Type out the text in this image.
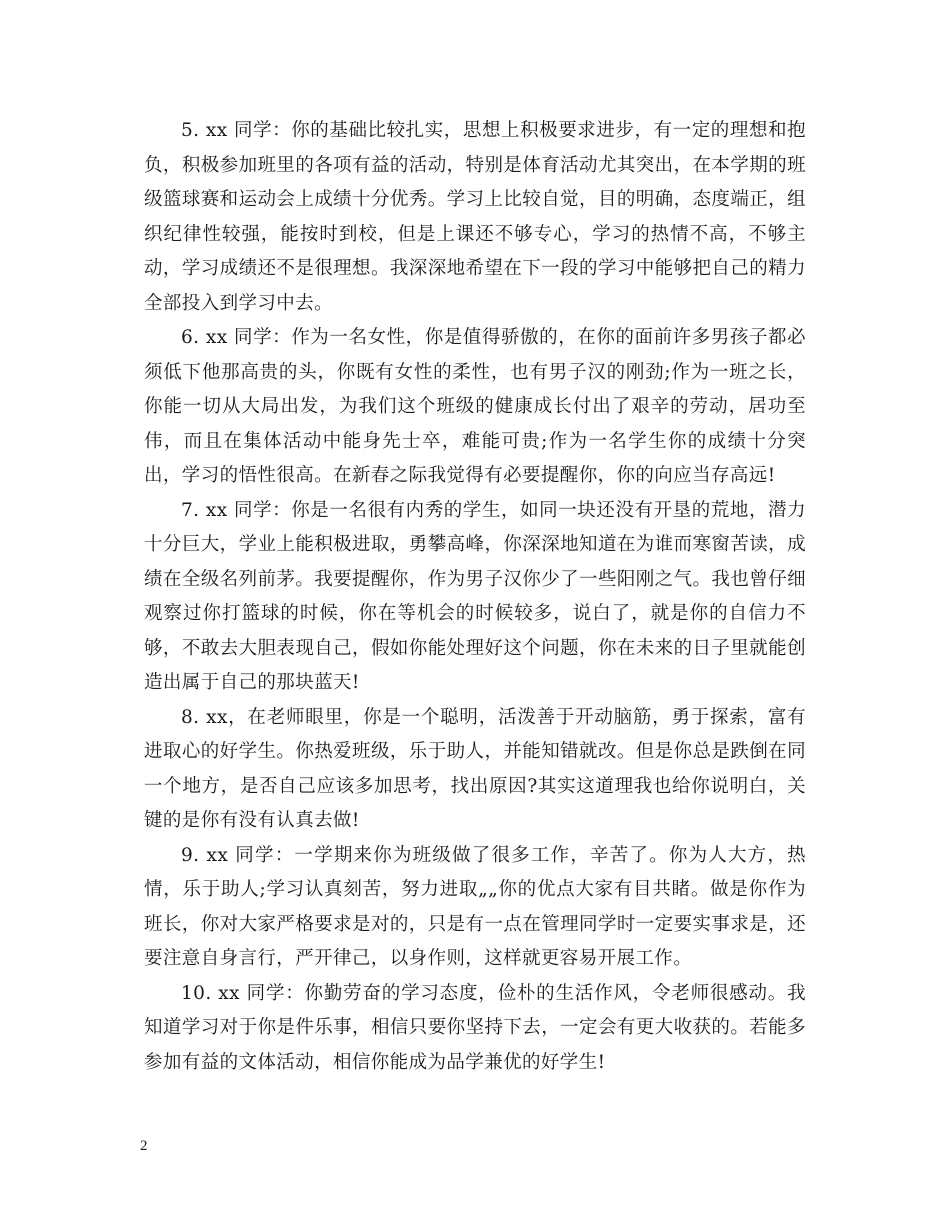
5. xx 同学：你的基础比较扎实，思想上积极要求进步，有一定的理想和抱负，积极参加班里的各项有益的活动，特别是体育活动尤其突出，在本学期的班级篮球赛和运动会上成绩十分优秀。学习上比较自觉，目的明确，态度端正，组织纪律性较强，能按时到校，但是上课还不够专心，学习的热情不高，不够主动，学习成绩还不是很理想。我深深地希望在下一段的学习中能够把自己的精力全部投入到学习中去。

6. xx 同学：作为一名女性，你是值得骄傲的，在你的面前许多男孩子都必须低下他那高贵的头，你既有女性的柔性，也有男子汉的刚劲;作为一班之长，你能一切从大局出发，为我们这个班级的健康成长付出了艰辛的劳动，居功至伟，而且在集体活动中能身先士卒，难能可贵;作为一名学生你的成绩十分突出，学习的悟性很高。在新春之际我觉得有必要提醒你，你的向应当存高远!

7. xx 同学：你是一名很有内秀的学生，如同一块还没有开垦的荒地，潜力十分巨大，学业上能积极进取，勇攀高峰，你深深地知道在为谁而寒窗苦读，成绩在全级名列前茅。我要提醒你，作为男子汉你少了一些阳刚之气。我也曾仔细观察过你打篮球的时候，你在等机会的时候较多，说白了，就是你的自信力不够，不敢去大胆表现自己，假如你能处理好这个问题，你在未来的日子里就能创造出属于自己的那块蓝天!

8. xx，在老师眼里，你是一个聪明，活泼善于开动脑筋，勇于探索，富有进取心的好学生。你热爱班级，乐于助人，并能知错就改。但是你总是跌倒在同一个地方，是否自己应该多加思考，找出原因?其实这道理我也给你说明白，关键的是你有没有认真去做!

9. xx 同学：一学期来你为班级做了很多工作，辛苦了。你为人大方，热情，乐于助人;学习认真刻苦，努力进取„„你的优点大家有目共睹。做是你作为班长，你对大家严格要求是对的，只是有一点在管理同学时一定要实事求是，还要注意自身言行，严开律己，以身作则，这样就更容易开展工作。

10. xx 同学：你勤劳奋的学习态度，俭朴的生活作风，令老师很感动。我知道学习对于你是件乐事，相信只要你坚持下去，一定会有更大收获的。若能多参加有益的文体活动，相信你能成为品学兼优的好学生!

2
